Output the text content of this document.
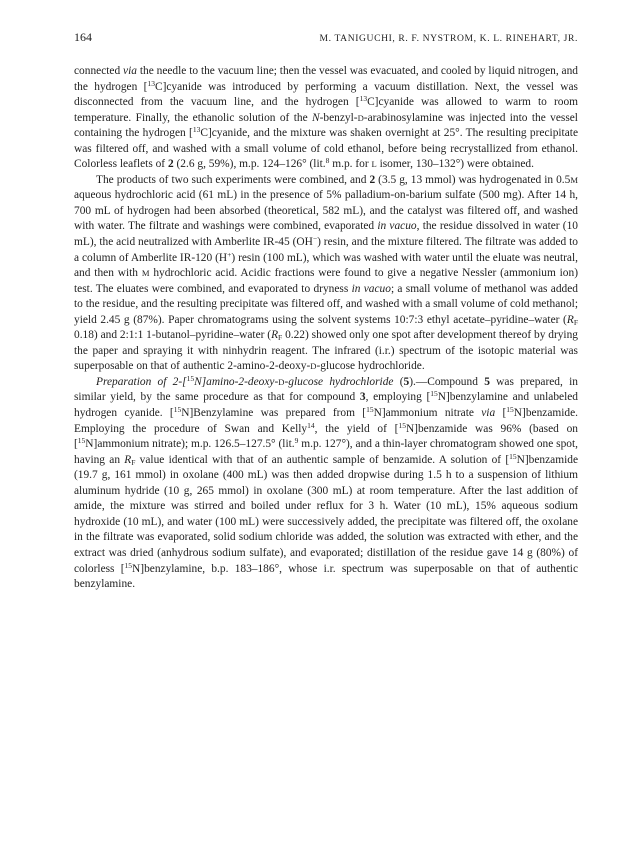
164	M. TANIGUCHI, R. F. NYSTROM, K. L. RINEHART, JR.

connected via the needle to the vacuum line; then the vessel was evacuated, and cooled by liquid nitrogen, and the hydrogen [$^{13}$C]cyanide was introduced by performing a vacuum distillation. Next, the vessel was disconnected from the vacuum line, and the hydrogen [$^{13}$C]cyanide was allowed to warm to room temperature. Finally, the ethanolic solution of the N-benzyl-D-arabinosylamine was injected into the vessel containing the hydrogen [$^{13}$C]cyanide, and the mixture was shaken overnight at 25°. The resulting precipitate was filtered off, and washed with a small volume of cold ethanol, before being recrystallized from ethanol. Colorless leaflets of 2 (2.6 g, 59%), m.p. 124–126° (lit.$^8$ m.p. for L isomer, 130–132°) were obtained.

The products of two such experiments were combined, and 2 (3.5 g, 13 mmol) was hydrogenated in 0.5M aqueous hydrochloric acid (61 mL) in the presence of 5% palladium-on-barium sulfate (500 mg). After 14 h, 700 mL of hydrogen had been absorbed (theoretical, 582 mL), and the catalyst was filtered off, and washed with water. The filtrate and washings were combined, evaporated in vacuo, the residue dissolved in water (10 mL), the acid neutralized with Amberlite IR-45 (OH−) resin, and the mixture filtered. The filtrate was added to a column of Amberlite IR-120 (H+) resin (100 mL), which was washed with water until the eluate was neutral, and then with M hydrochloric acid. Acidic fractions were found to give a negative Nessler (ammonium ion) test. The eluates were combined, and evaporated to dryness in vacuo; a small volume of methanol was added to the residue, and the resulting precipitate was filtered off, and washed with a small volume of cold methanol; yield 2.45 g (87%). Paper chromatograms using the solvent systems 10:7:3 ethyl acetate–pyridine–water ($R_F$ 0.18) and 2:1:1 1-butanol–pyridine–water ($R_F$ 0.22) showed only one spot after development thereof by drying the paper and spraying it with ninhydrin reagent. The infrared (i.r.) spectrum of the isotopic material was superposable on that of authentic 2-amino-2-deoxy-D-glucose hydrochloride.

Preparation of 2-[$^{15}$N]amino-2-deoxy-D-glucose hydrochloride (5).—Compound 5 was prepared, in similar yield, by the same procedure as that for compound 3, employing [$^{15}$N]benzylamine and unlabeled hydrogen cyanide. [$^{15}$N]Benzylamine was prepared from [$^{15}$N]ammonium nitrate via [$^{15}$N]benzamide. Employing the procedure of Swan and Kelly$^{14}$, the yield of [$^{15}$N]benzamide was 96% (based on [$^{15}$N]ammonium nitrate); m.p. 126.5–127.5° (lit.$^9$ m.p. 127°), and a thin-layer chromatogram showed one spot, having an $R_F$ value identical with that of an authentic sample of benzamide. A solution of [$^{15}$N]benzamide (19.7 g, 161 mmol) in oxolane (400 mL) was then added dropwise during 1.5 h to a suspension of lithium aluminum hydride (10 g, 265 mmol) in oxolane (300 mL) at room temperature. After the last addition of amide, the mixture was stirred and boiled under reflux for 3 h. Water (10 mL), 15% aqueous sodium hydroxide (10 mL), and water (100 mL) were successively added, the precipitate was filtered off, the oxolane in the filtrate was evaporated, solid sodium chloride was added, the solution was extracted with ether, and the extract was dried (anhydrous sodium sulfate), and evaporated; distillation of the residue gave 14 g (80%) of colorless [$^{15}$N]benzylamine, b.p. 183–186°, whose i.r. spectrum was superposable on that of authentic benzylamine.
